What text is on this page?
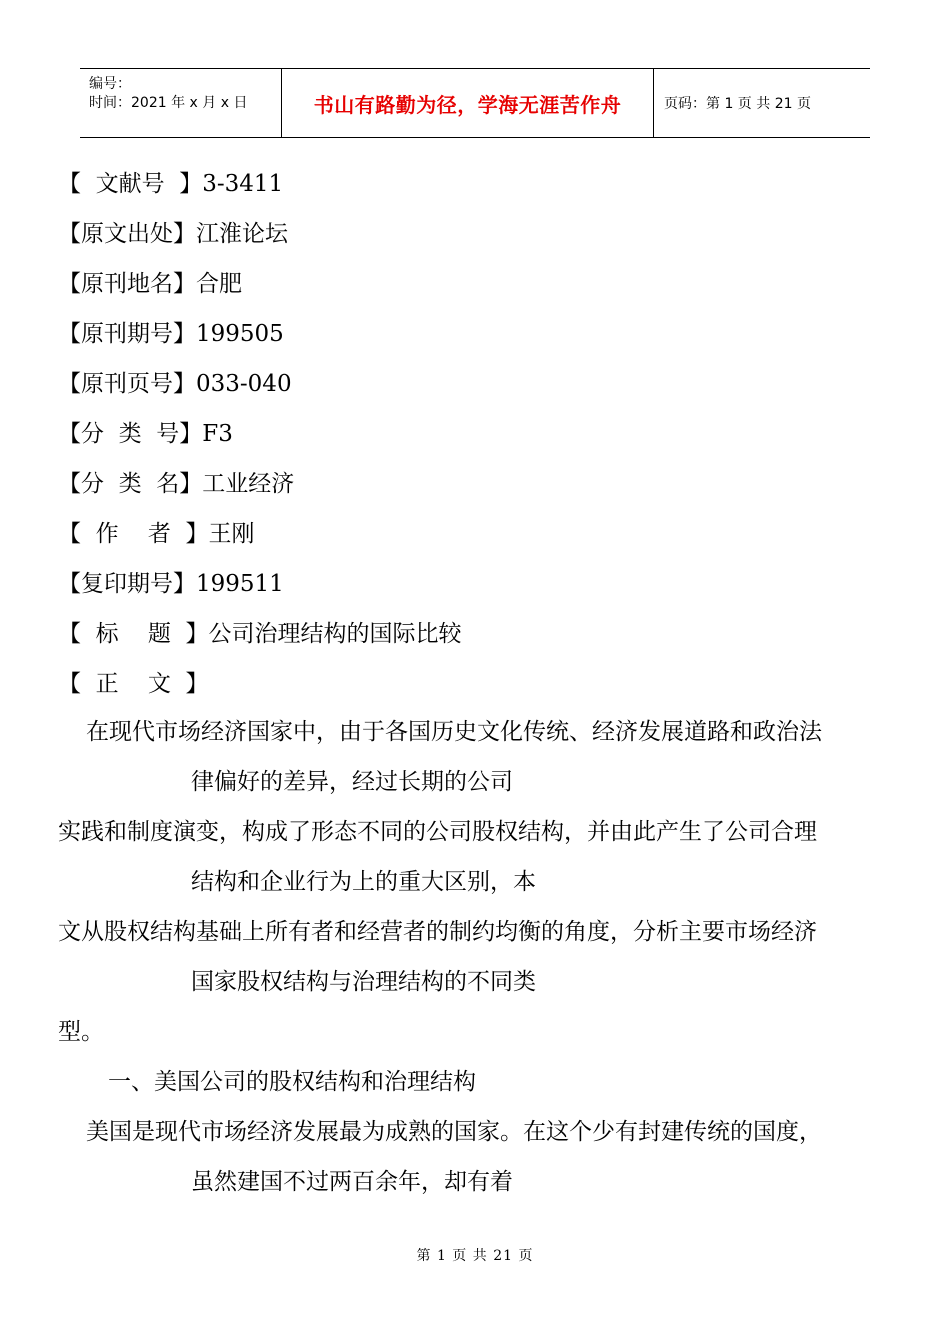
编号：
时间：2021 年 x 月 x 日	书山有路勤为径，学海无涯苦作舟	页码：第 1 页 共 21 页
【  文献号  】3-3411
【原文出处】江淮论坛
【原刊地名】合肥
【原刊期号】199505
【原刊页号】033-040
【分  类  号】F3
【分  类  名】工业经济
【  作    者  】王刚
【复印期号】199511
【  标    题  】公司治理结构的国际比较
【  正    文  】
在现代市场经济国家中，由于各国历史文化传统、经济发展道路和政治法
律偏好的差异，经过长期的公司
实践和制度演变，构成了形态不同的公司股权结构，并由此产生了公司合理
结构和企业行为上的重大区别，本
文从股权结构基础上所有者和经营者的制约均衡的角度，分析主要市场经济
国家股权结构与治理结构的不同类
型。
一、美国公司的股权结构和治理结构
美国是现代市场经济发展最为成熟的国家。在这个少有封建传统的国度，
虽然建国不过两百余年，却有着
第 1 页 共 21 页
